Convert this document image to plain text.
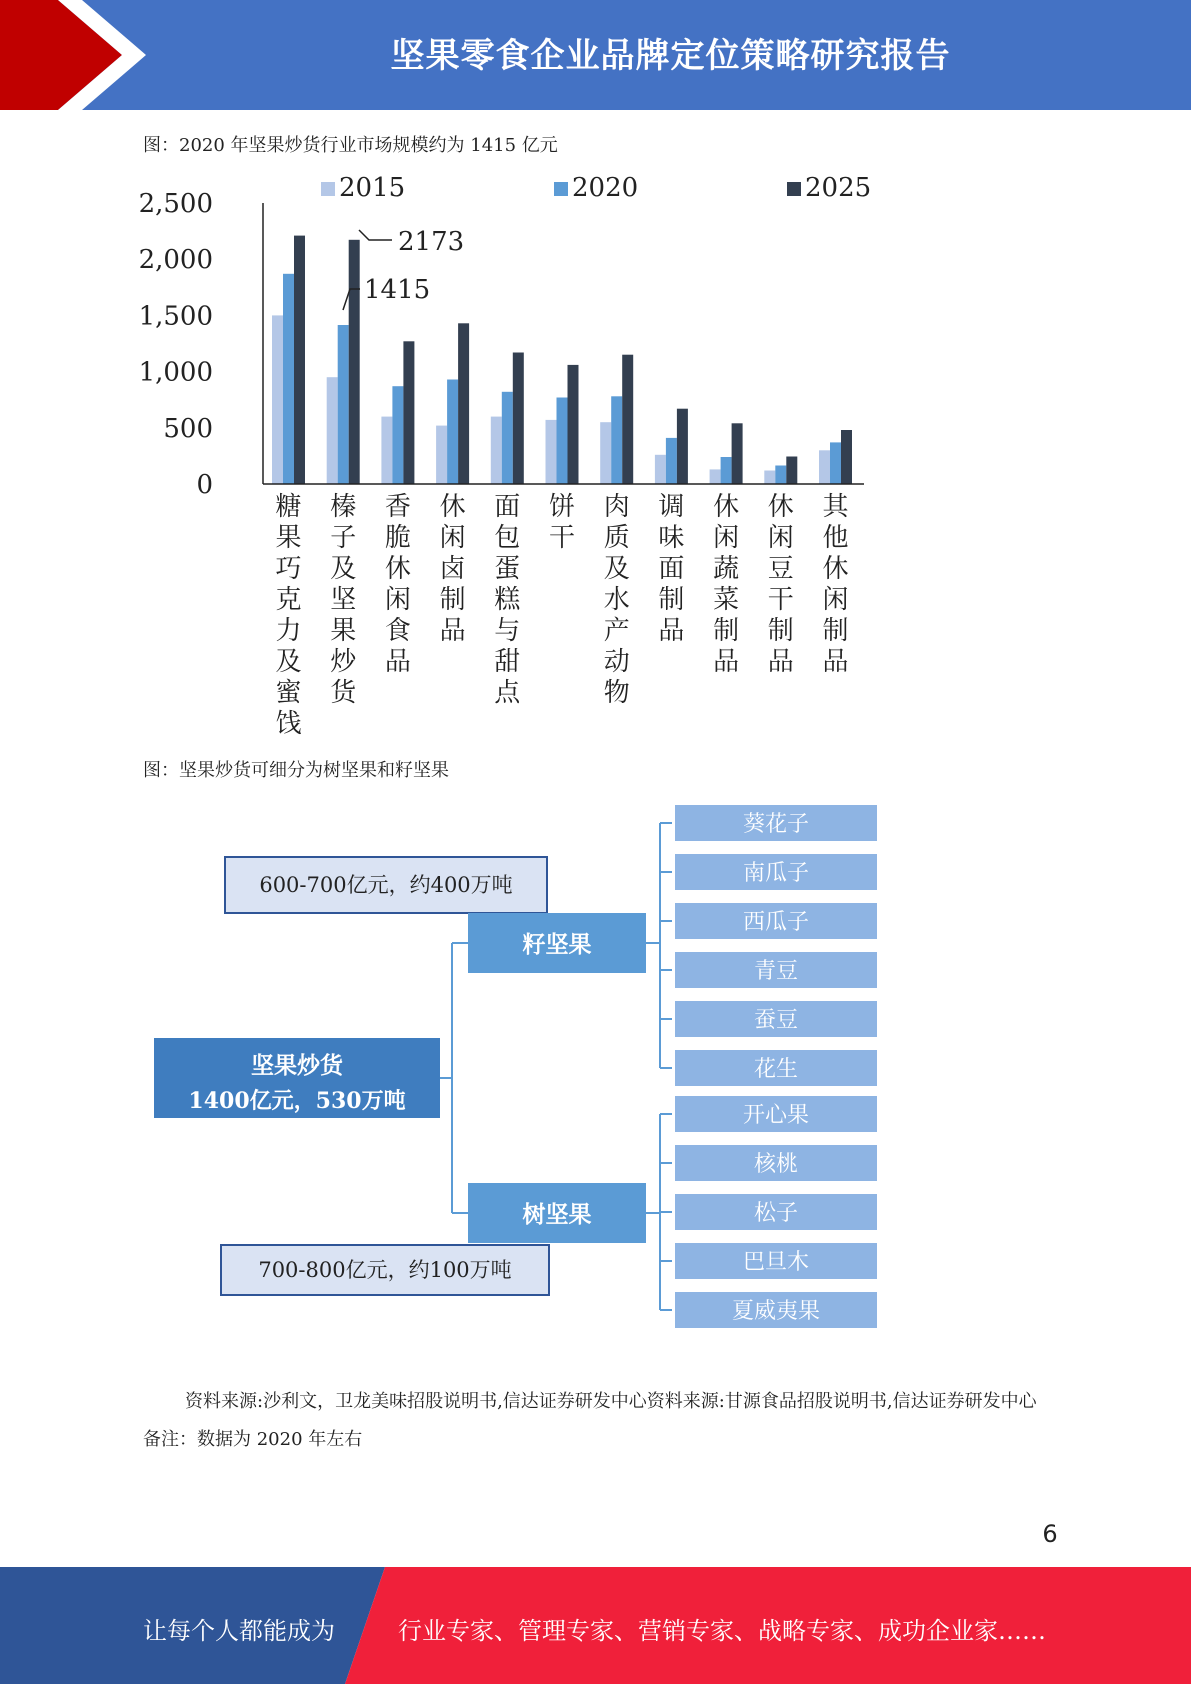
坚果零食企业品牌定位策略研究报告
图：2020 年坚果炒货行业市场规模约为 1415 亿元
2,500
2,000
1,500
1,000
500
0
糖果巧克力及蜜饯
榛子及坚果炒货
香脆休闲食品
休闲卤制品
面包蛋糕与甜点
饼干
肉质及水产动物
调味面制品
休闲蔬菜制品
休闲豆干制品
其他休闲制品
2015	2020	2025
2173
1415
图：坚果炒货可细分为树坚果和籽坚果
600-700亿元，约400万吨
700-800亿元，约100万吨
坚果炒货
1400亿元，530万吨
籽坚果
树坚果
葵花子
南瓜子
西瓜子
青豆
蚕豆
花生
开心果
核桃
松子
巴旦木
夏威夷果
资料来源:沙利文，卫龙美味招股说明书,信达证券研发中心资料来源:甘源食品招股说明书,信达证券研发中心备注：数据为 2020 年左右
6
让每个人都能成为	行业专家、管理专家、营销专家、战略专家、成功企业家……
